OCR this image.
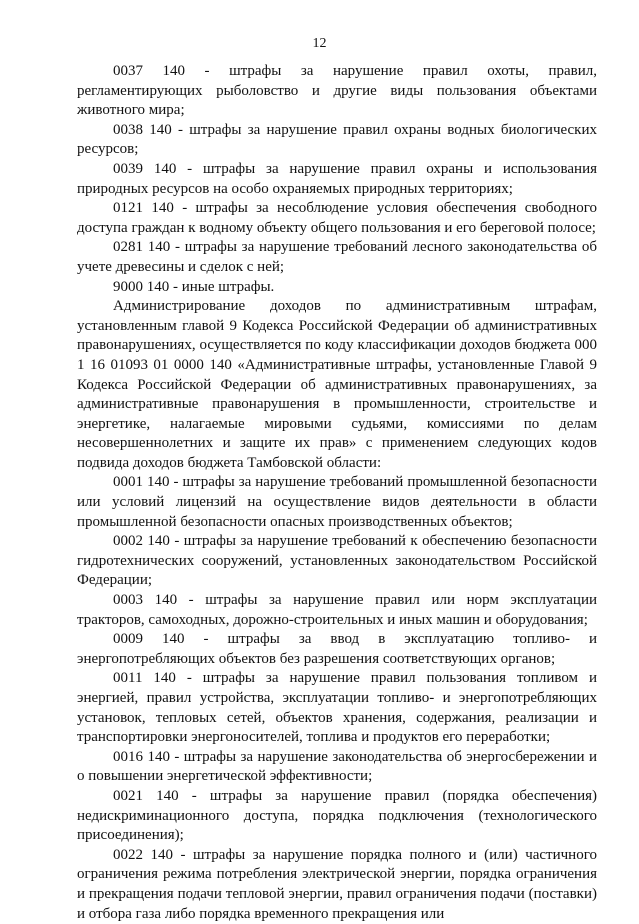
12

0037 140 - штрафы за нарушение правил охоты, правил, регламентирующих рыболовство и другие виды пользования объектами животного мира;

0038 140 - штрафы за нарушение правил охраны водных биологических ресурсов;

0039 140 - штрафы за нарушение правил охраны и использования природных ресурсов на особо охраняемых природных территориях;

0121 140 - штрафы за несоблюдение условия обеспечения свободного доступа граждан к водному объекту общего пользования и его береговой полосе;

0281 140 - штрафы за нарушение требований лесного законодательства об учете древесины и сделок с ней;

9000 140 - иные штрафы.

Администрирование доходов по административным штрафам, установленным главой 9 Кодекса Российской Федерации об административных правонарушениях, осуществляется по коду классификации доходов бюджета 000 1 16 01093 01 0000 140 «Административные штрафы, установленные Главой 9 Кодекса Российской Федерации об административных правонарушениях, за административные правонарушения в промышленности, строительстве и энергетике, налагаемые мировыми судьями, комиссиями по делам несовершеннолетних и защите их прав» с применением следующих кодов подвида доходов бюджета Тамбовской области:

0001 140 - штрафы за нарушение требований промышленной безопасности или условий лицензий на осуществление видов деятельности в области промышленной безопасности опасных производственных объектов;

0002 140 - штрафы за нарушение требований к обеспечению безопасности гидротехнических сооружений, установленных законодательством Российской Федерации;

0003 140 - штрафы за нарушение правил или норм эксплуатации тракторов, самоходных, дорожно-строительных и иных машин и оборудования;

0009 140 - штрафы за ввод в эксплуатацию топливо- и энергопотребляющих объектов без разрешения соответствующих органов;

0011 140 - штрафы за нарушение правил пользования топливом и энергией, правил устройства, эксплуатации топливо- и энергопотребляющих установок, тепловых сетей, объектов хранения, содержания, реализации и транспортировки энергоносителей, топлива и продуктов его переработки;

0016 140 - штрафы за нарушение законодательства об энергосбережении и о повышении энергетической эффективности;

0021 140 - штрафы за нарушение правил (порядка обеспечения) недискриминационного доступа, порядка подключения (технологического присоединения);

0022 140 - штрафы за нарушение порядка полного и (или) частичного ограничения режима потребления электрической энергии, порядка ограничения и прекращения подачи тепловой энергии, правил ограничения подачи (поставки) и отбора газа либо порядка временного прекращения или
